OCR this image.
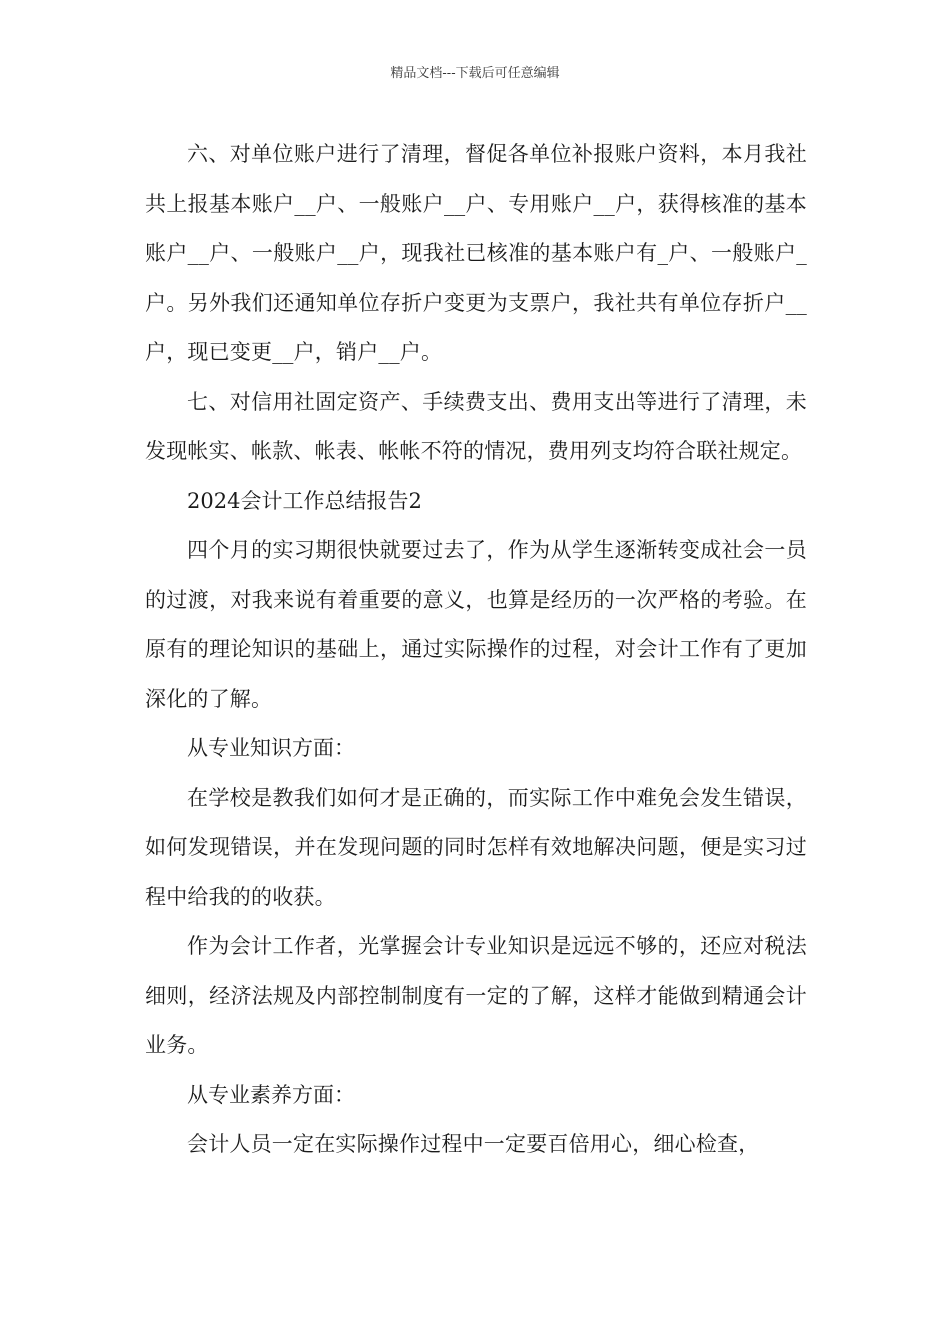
精品文档---下载后可任意编辑

六、对单位账户进行了清理，督促各单位补报账户资料，本月我社共上报基本账户__户、一般账户__户、专用账户__户，获得核准的基本账户__户、一般账户__户，现我社已核准的基本账户有_户、一般账户_户。另外我们还通知单位存折户变更为支票户，我社共有单位存折户__户，现已变更__户，销户__户。

七、对信用社固定资产、手续费支出、费用支出等进行了清理，未发现帐实、帐款、帐表、帐帐不符的情况，费用列支均符合联社规定。

2024会计工作总结报告2

四个月的实习期很快就要过去了，作为从学生逐渐转变成社会一员的过渡，对我来说有着重要的意义，也算是经历的一次严格的考验。在原有的理论知识的基础上，通过实际操作的过程，对会计工作有了更加深化的了解。

从专业知识方面：

在学校是教我们如何才是正确的，而实际工作中难免会发生错误，如何发现错误，并在发现问题的同时怎样有效地解决问题，便是实习过程中给我的的收获。

作为会计工作者，光掌握会计专业知识是远远不够的，还应对税法细则，经济法规及内部控制制度有一定的了解，这样才能做到精通会计业务。

从专业素养方面：

会计人员一定在实际操作过程中一定要百倍用心，细心检查，
